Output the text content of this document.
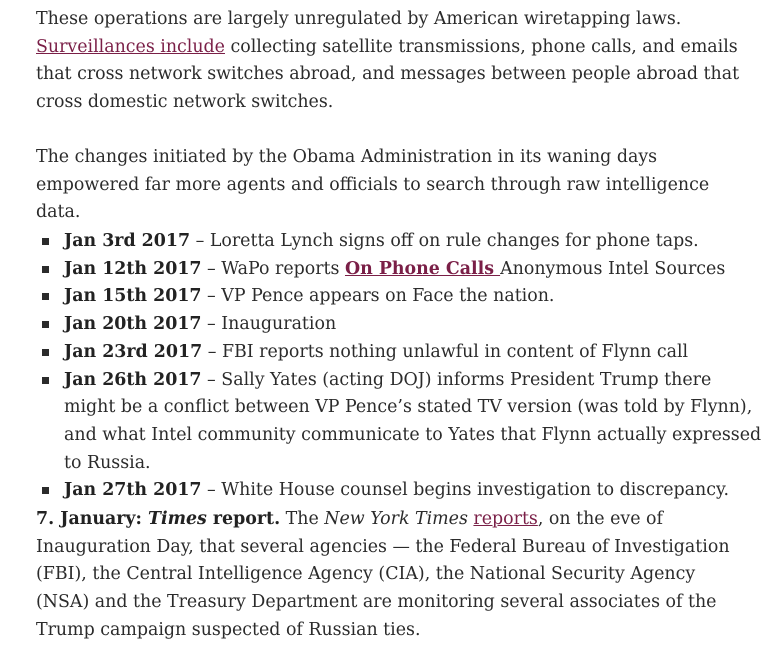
These operations are largely unregulated by American wiretapping laws. Surveillances include collecting satellite transmissions, phone calls, and emails that cross network switches abroad, and messages between people abroad that cross domestic network switches.

The changes initiated by the Obama Administration in its waning days empowered far more agents and officials to search through raw intelligence data.

Jan 3rd 2017 – Loretta Lynch signs off on rule changes for phone taps.
Jan 12th 2017 – WaPo reports On Phone Calls Anonymous Intel Sources
Jan 15th 2017 – VP Pence appears on Face the nation.
Jan 20th 2017 – Inauguration
Jan 23rd 2017 – FBI reports nothing unlawful in content of Flynn call
Jan 26th 2017 – Sally Yates (acting DOJ) informs President Trump there might be a conflict between VP Pence’s stated TV version (was told by Flynn), and what Intel community communicate to Yates that Flynn actually expressed to Russia.
Jan 27th 2017 – White House counsel begins investigation to discrepancy.

7. January: Times report. The New York Times reports, on the eve of Inauguration Day, that several agencies — the Federal Bureau of Investigation (FBI), the Central Intelligence Agency (CIA), the National Security Agency (NSA) and the Treasury Department are monitoring several associates of the Trump campaign suspected of Russian ties.
